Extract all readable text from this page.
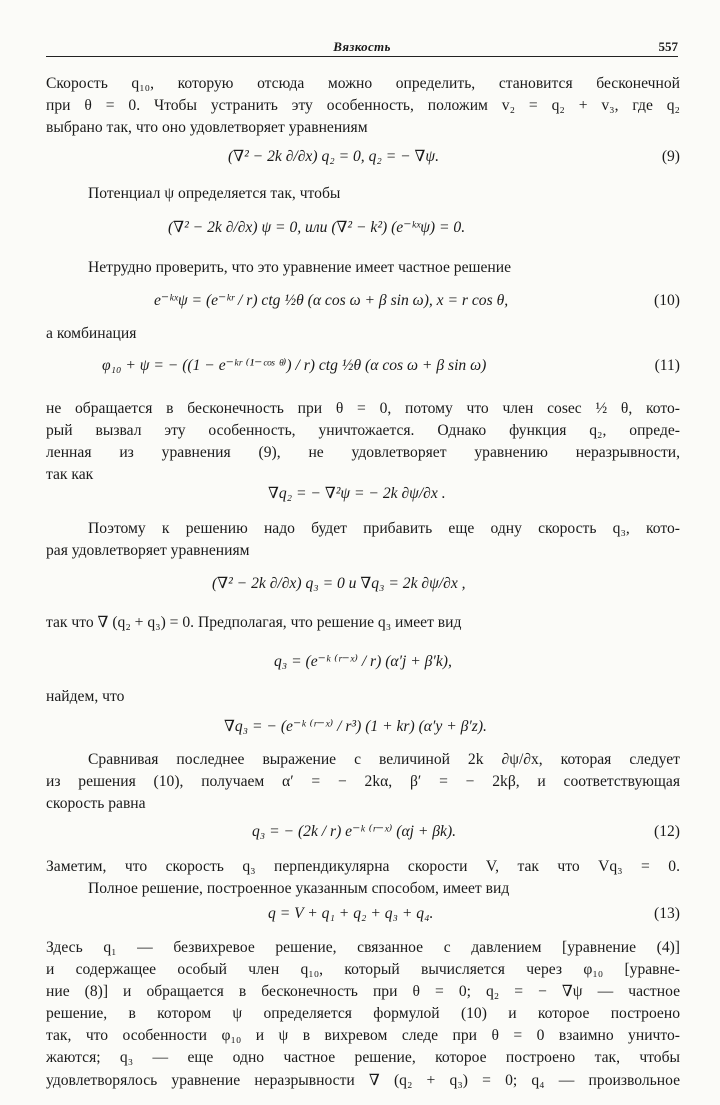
Вязкость	557
Скорость q₁₀, которую отсюда можно определить, становится бесконечной
при θ = 0. Чтобы устранить эту особенность, положим v₂ = q₂ + v₃, где q₂
выбрано так, что оно удовлетворяет уравнениям
(∇² − 2k ∂/∂x) q₂ = 0, q₂ = − ∇ψ.	(9)
Потенциал ψ определяется так, чтобы
(∇² − 2k ∂/∂x) ψ = 0, или (∇² − k²) (e⁻ᵏˣψ) = 0.
Нетрудно проверить, что это уравнение имеет частное решение
e⁻ᵏˣψ = (e⁻ᵏʳ / r) ctg ½θ (α cos ω + β sin ω), x = r cos θ,	(10)
а комбинация
φ₁₀ + ψ = − ((1 − e⁻ᵏʳ ⁽¹⁻ᶜᵒˢ ᶿ⁾) / r) ctg ½θ (α cos ω + β sin ω)	(11)
не обращается в бесконечность при θ = 0, потому что член cosec ½ θ, кото-
рый вызвал эту особенность, уничтожается. Однако функция q₂, опреде-
ленная из уравнения (9), не удовлетворяет уравнению неразрывности,
так как
∇q₂ = − ∇²ψ = − 2k ∂ψ/∂x .
Поэтому к решению надо будет прибавить еще одну скорость q₃, кото-
рая удовлетворяет уравнениям
(∇² − 2k ∂/∂x) q₃ = 0 и ∇q₃ = 2k ∂ψ/∂x ,
так что ∇ (q₂ + q₃) = 0. Предполагая, что решение q₃ имеет вид
q₃ = (e⁻ᵏ ⁽ʳ⁻ˣ⁾ / r) (α′j + β′k),
найдем, что
∇q₃ = − (e⁻ᵏ ⁽ʳ⁻ˣ⁾ / r³) (1 + kr) (α′y + β′z).
Сравнивая последнее выражение с величиной 2k ∂ψ/∂x, которая следует
из решения (10), получаем α′ = − 2kα, β′ = − 2kβ, и соответствующая
скорость равна
q₃ = − (2k / r) e⁻ᵏ ⁽ʳ⁻ˣ⁾ (αj + βk).	(12)
Заметим, что скорость q₃ перпендикулярна скорости V, так что Vq₃ = 0.
Полное решение, построенное указанным способом, имеет вид
q = V + q₁ + q₂ + q₃ + q₄.	(13)
Здесь q₁ — безвихревое решение, связанное с давлением [уравнение (4)]
и содержащее особый член q₁₀, который вычисляется через φ₁₀ [уравне-
ние (8)] и обращается в бесконечность при θ = 0; q₂ = − ∇ψ — частное
решение, в котором ψ определяется формулой (10) и которое построено
так, что особенности φ₁₀ и ψ в вихревом следе при θ = 0 взаимно уничто-
жаются; q₃ — еще одно частное решение, которое построено так, чтобы
удовлетворялось уравнение неразрывности ∇ (q₂ + q₃) = 0; q₄ — произвольное
